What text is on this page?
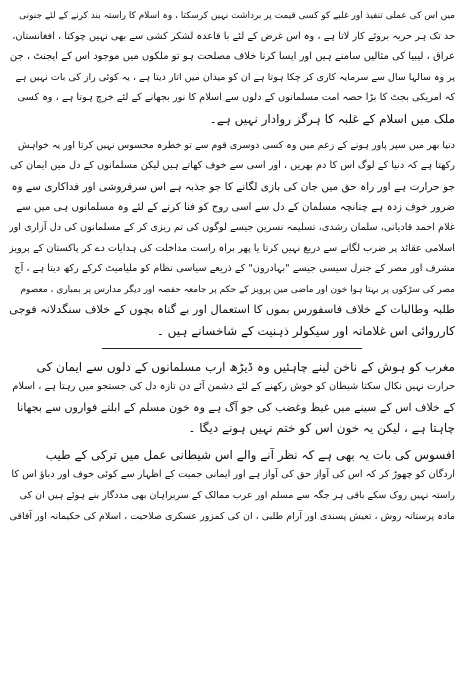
میں اس کی عملی تنفیذ اور غلبے کو کسی قیمت پر برداشت نہیں کرسکتا ، وہ اسلام کا راستہ بند کرنے کے لئے جنونی
حد تک ہر حربہ بروئے کار لاتا ہے ، وہ اس غرض کے لئے با قاعدہ لشکر کشی سے بھی نہیں چوکتا ، افغانستان،
عراق ، لیبیا کی مثالیں سامنے ہیں اور ایسا کرنا خلاف مصلحت ہو تو ملکوں میں موجود اس کے ایجنٹ ، جن
پر وہ سالہا سال سے سرمایہ کاری کر چکا ہوتا ہے ان کو میدان میں اتار دیتا ہے ، یہ کوئی راز کی بات نہیں ہے
کہ امریکی بجٹ کا بڑا حصہ امت مسلمانوں کے دلوں سے اسلام کا نور بجھانے کے لئے خرچ ہوتا ہے ، وہ کسی
ملک میں اسلام کے غلبہ کا ہرگز روادار نہیں ہے۔

دنیا بھر میں سپر پاور ہونے کے زعم میں وہ کسی دوسری قوم سے تو خطرہ محسوس نہیں کرتا اور یہ خواہش
رکھتا ہے کہ دنیا کے لوگ اس کا دم بھریں ، اور اسی سے خوف کھاتے ہیں لیکن مسلمانوں کے دل میں ایمان کی
جو حرارت ہے اور راہ حق میں جان کی بازی لگانے کا جو جذبہ ہے اس سرفروشی اور فداکاری سے وہ
ضرور خوف زدہ ہے چنانچہ مسلمان کے دل سے اسی روح کو فنا کرنے کے لئے وہ مسلمانوں ہی میں سے
غلام احمد قادیانی، سلمان رشدی، تسلیمہ نسرین جیسے لوگوں کی تم ریزی کر کے مسلمانوں کی دل آزاری اور
اسلامی عقائد پر ضرب لگانے سے دریغ نہیں کرتا یا پھر براہ راست مداخلت کی ہدایات دے کر پاکستان کے پرویز
مشرف اور مصر کے جنرل سیسی جیسے "بہادروں" کے ذریعے سیاسی نظام کو ملیامیٹ کرکے رکھ دیتا ہے ، آج
مصر کی سڑکوں پر بہتا ہوا خون اور ماضی میں پرویز کے حکم پر جامعہ حفصہ اور دیگر مدارس پر بمباری ، معصوم
طلبہ وطالبات کے خلاف فاسفورس بموں کا استعمال اور بے گناہ بچوں کے خلاف سنگدلانہ فوجی
کارروائی اس غلامانہ اور سیکولر ذہنیت کے شاخسانے ہیں ۔

مغرب کو ہوش کے ناخن لینے چاہئیں وہ ڈیڑھ ارب مسلمانوں کے دلوں سے ایمان کی
حرارت نہیں نکال سکتا شیطان کو خوش رکھنے کے لئے دشمن آئے دن تازہ دل کی جستجو میں رہتا ہے ، اسلام
کے خلاف اس کے سینے میں غیظ وغضب کی جو آگ ہے وہ خون مسلم کے ابلتے فواروں سے بجھانا
چاہتا ہے ، لیکن یہ خون اس کو ختم نہیں ہونے دیگا ۔

افسوس کی بات یہ بھی ہے کہ نظر آنے والے اس شیطانی عمل میں ترکی کے طیب
اردگان کو چھوڑ کر کہ اس کی آواز حق کی آواز ہے اور ایمانی حمیت کے اظہار سے کوئی خوف اور دباؤ اس کا
راستہ نہیں روک سکے باقی ہر جگہ سے مسلم اور عرب ممالک کے سربراہان بھی مددگار بنے ہوئے ہیں ان کی
مادہ پرستانہ روش ، تعیش پسندی اور آرام طلبی ، ان کی کمزور عسکری صلاحیت ، اسلام کی حکیمانہ اور آفاقی
